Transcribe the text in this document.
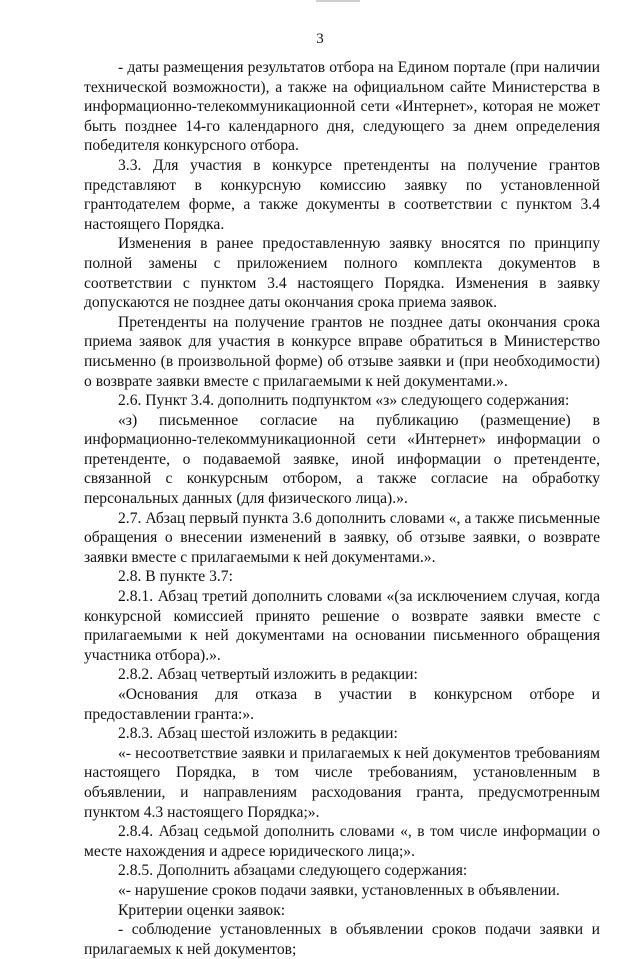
3

- даты размещения результатов отбора на Едином портале (при наличии технической возможности), а также на официальном сайте Министерства в информационно-телекоммуникационной сети «Интернет», которая не может быть позднее 14-го календарного дня, следующего за днем определения победителя конкурсного отбора.

3.3. Для участия в конкурсе претенденты на получение грантов представляют в конкурсную комиссию заявку по установленной грантодателем форме, а также документы в соответствии с пунктом 3.4 настоящего Порядка.

Изменения в ранее предоставленную заявку вносятся по принципу полной замены с приложением полного комплекта документов в соответствии с пунктом 3.4 настоящего Порядка. Изменения в заявку допускаются не позднее даты окончания срока приема заявок.

Претенденты на получение грантов не позднее даты окончания срока приема заявок для участия в конкурсе вправе обратиться в Министерство письменно (в произвольной форме) об отзыве заявки и (при необходимости) о возврате заявки вместе с прилагаемыми к ней документами.».

2.6. Пункт 3.4. дополнить подпунктом «з» следующего содержания:

«з) письменное согласие на публикацию (размещение) в информационно-телекоммуникационной сети «Интернет» информации о претенденте, о подаваемой заявке, иной информации о претенденте, связанной с конкурсным отбором, а также согласие на обработку персональных данных (для физического лица).».

2.7. Абзац первый пункта 3.6 дополнить словами «, а также письменные обращения о внесении изменений в заявку, об отзыве заявки, о возврате заявки вместе с прилагаемыми к ней документами.».

2.8. В пункте 3.7:

2.8.1. Абзац третий дополнить словами «(за исключением случая, когда конкурсной комиссией принято решение о возврате заявки вместе с прилагаемыми к ней документами на основании письменного обращения участника отбора).».

2.8.2. Абзац четвертый изложить в редакции:

«Основания для отказа в участии в конкурсном отборе и предоставлении гранта:».

2.8.3. Абзац шестой изложить в редакции:

«- несоответствие заявки и прилагаемых к ней документов требованиям настоящего Порядка, в том числе требованиям, установленным в объявлении, и направлениям расходования гранта, предусмотренным пунктом 4.3 настоящего Порядка;».

2.8.4. Абзац седьмой дополнить словами «, в том числе информации о месте нахождения и адресе юридического лица;».

2.8.5. Дополнить абзацами следующего содержания:

«- нарушение сроков подачи заявки, установленных в объявлении.

Критерии оценки заявок:

- соблюдение установленных в объявлении сроков подачи заявки и прилагаемых к ней документов;
